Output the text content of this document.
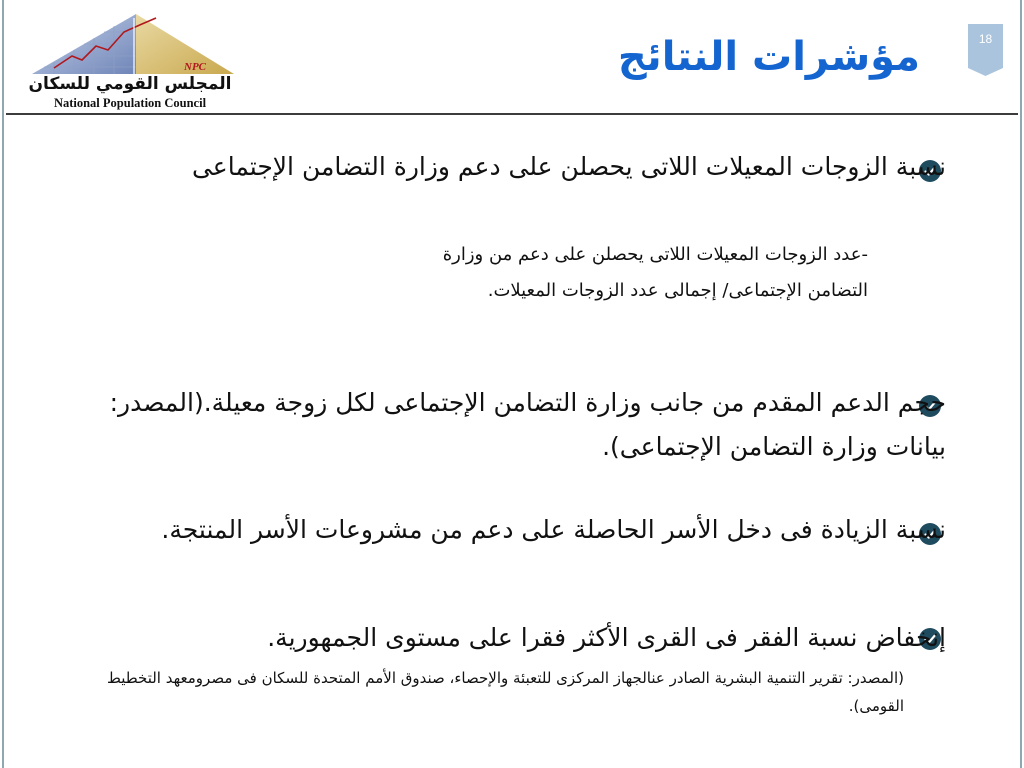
NPC
المجلس القومي للسكان
National Population Council
مؤشرات النتائج	18

نسبة الزوجات المعيلات اللاتى يحصلن على دعم وزارة التضامن الإجتماعى

-عدد الزوجات المعيلات اللاتى يحصلن على دعم من وزارة

التضامن الإجتماعى/ إجمالى عدد الزوجات المعيلات.

حجم الدعم المقدم من جانب وزارة التضامن الإجتماعى لكل زوجة معيلة.(المصدر: بيانات وزارة التضامن الإجتماعى).

نسبة الزيادة فى دخل الأسر الحاصلة على دعم من مشروعات الأسر المنتجة.

إنخفاض نسبة الفقر فى القرى الأكثر فقرا على مستوى الجمهورية.

(المصدر: تقرير التنمية البشرية الصادر عنالجهاز المركزى للتعبئة والإحصاء، صندوق الأمم المتحدة للسكان فى مصرومعهد التخطيط القومى).
